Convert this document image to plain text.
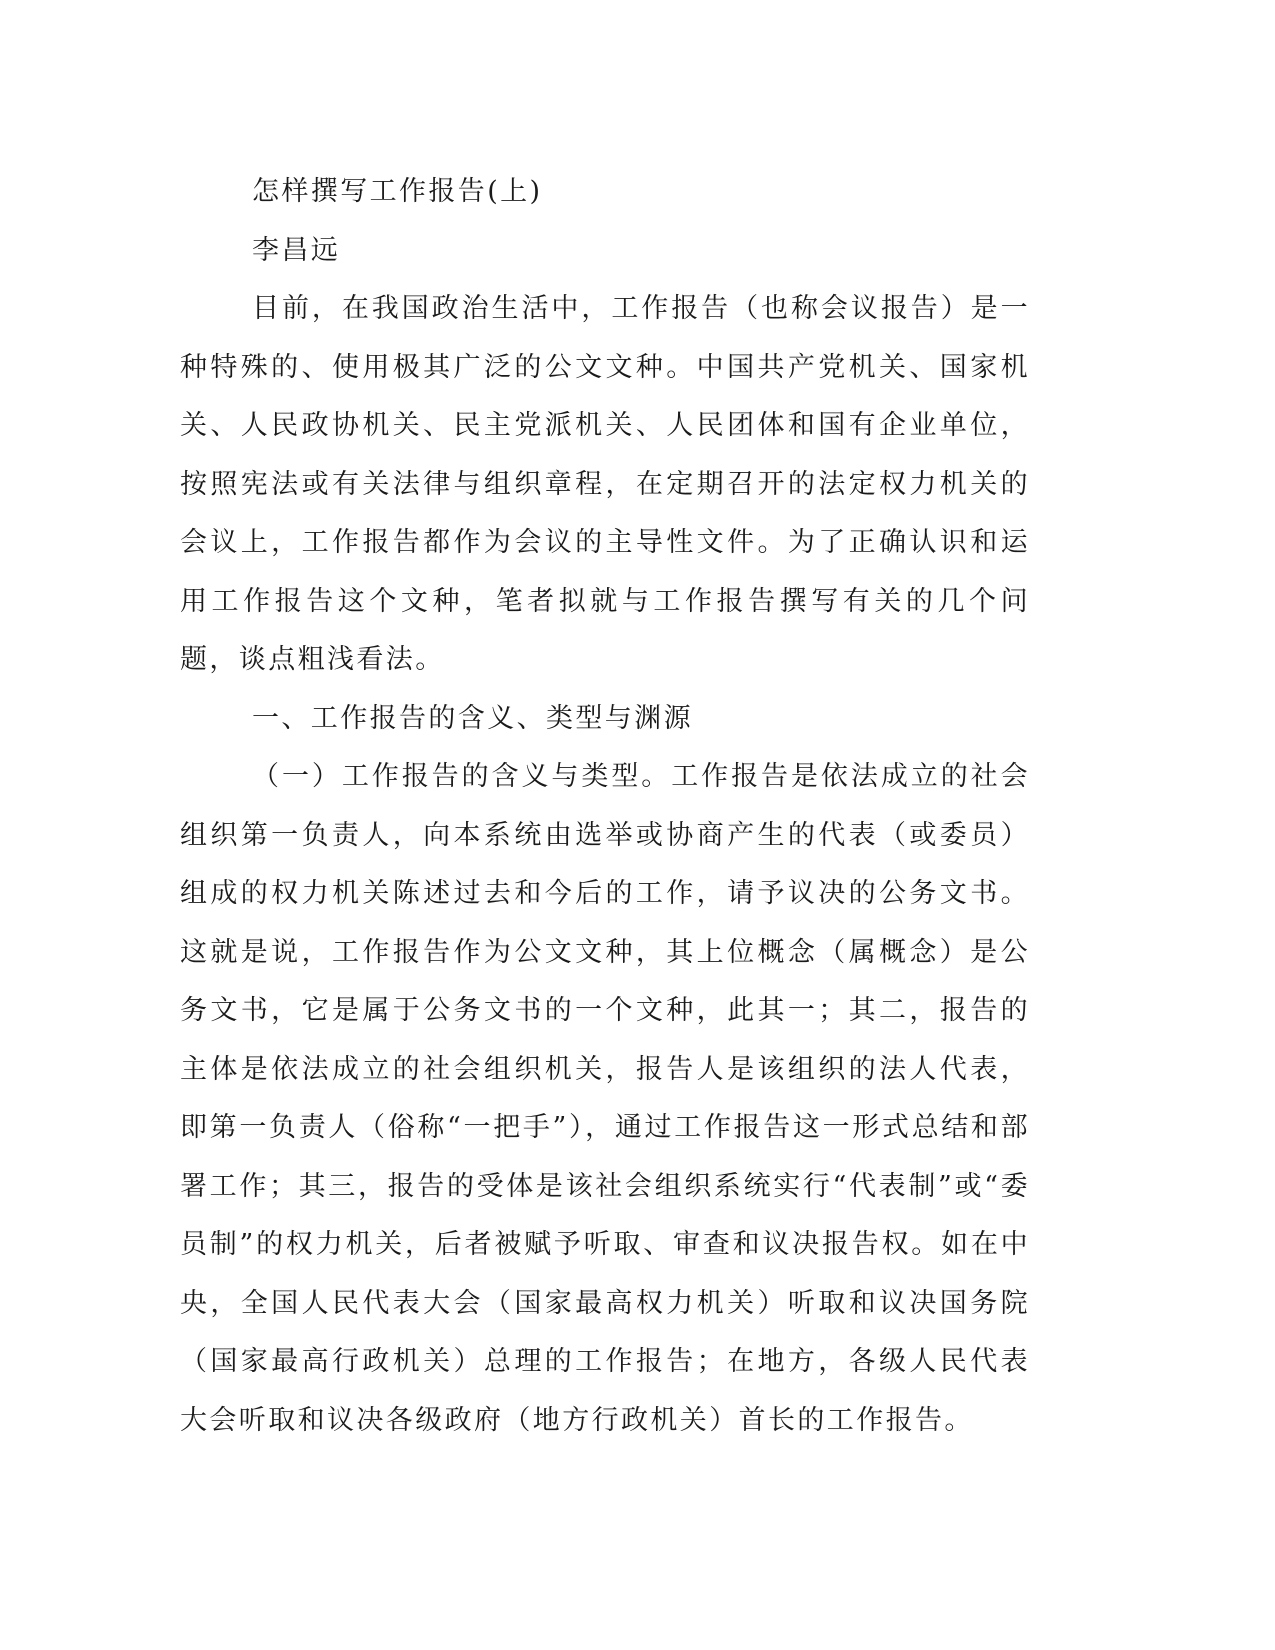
怎样撰写工作报告(上)

李昌远

目前，在我国政治生活中，工作报告（也称会议报告）是一种特殊的、使用极其广泛的公文文种。中国共产党机关、国家机关、人民政协机关、民主党派机关、人民团体和国有企业单位，按照宪法或有关法律与组织章程，在定期召开的法定权力机关的会议上，工作报告都作为会议的主导性文件。为了正确认识和运用工作报告这个文种，笔者拟就与工作报告撰写有关的几个问题，谈点粗浅看法。

一、工作报告的含义、类型与渊源

（一）工作报告的含义与类型。工作报告是依法成立的社会组织第一负责人，向本系统由选举或协商产生的代表（或委员）组成的权力机关陈述过去和今后的工作，请予议决的公务文书。这就是说，工作报告作为公文文种，其上位概念（属概念）是公务文书，它是属于公务文书的一个文种，此其一；其二，报告的主体是依法成立的社会组织机关，报告人是该组织的法人代表，即第一负责人（俗称“一把手”），通过工作报告这一形式总结和部署工作；其三，报告的受体是该社会组织系统实行“代表制”或“委员制”的权力机关，后者被赋予听取、审查和议决报告权。如在中央，全国人民代表大会（国家最高权力机关）听取和议决国务院（国家最高行政机关）总理的工作报告；在地方，各级人民代表大会听取和议决各级政府（地方行政机关）首长的工作报告。
